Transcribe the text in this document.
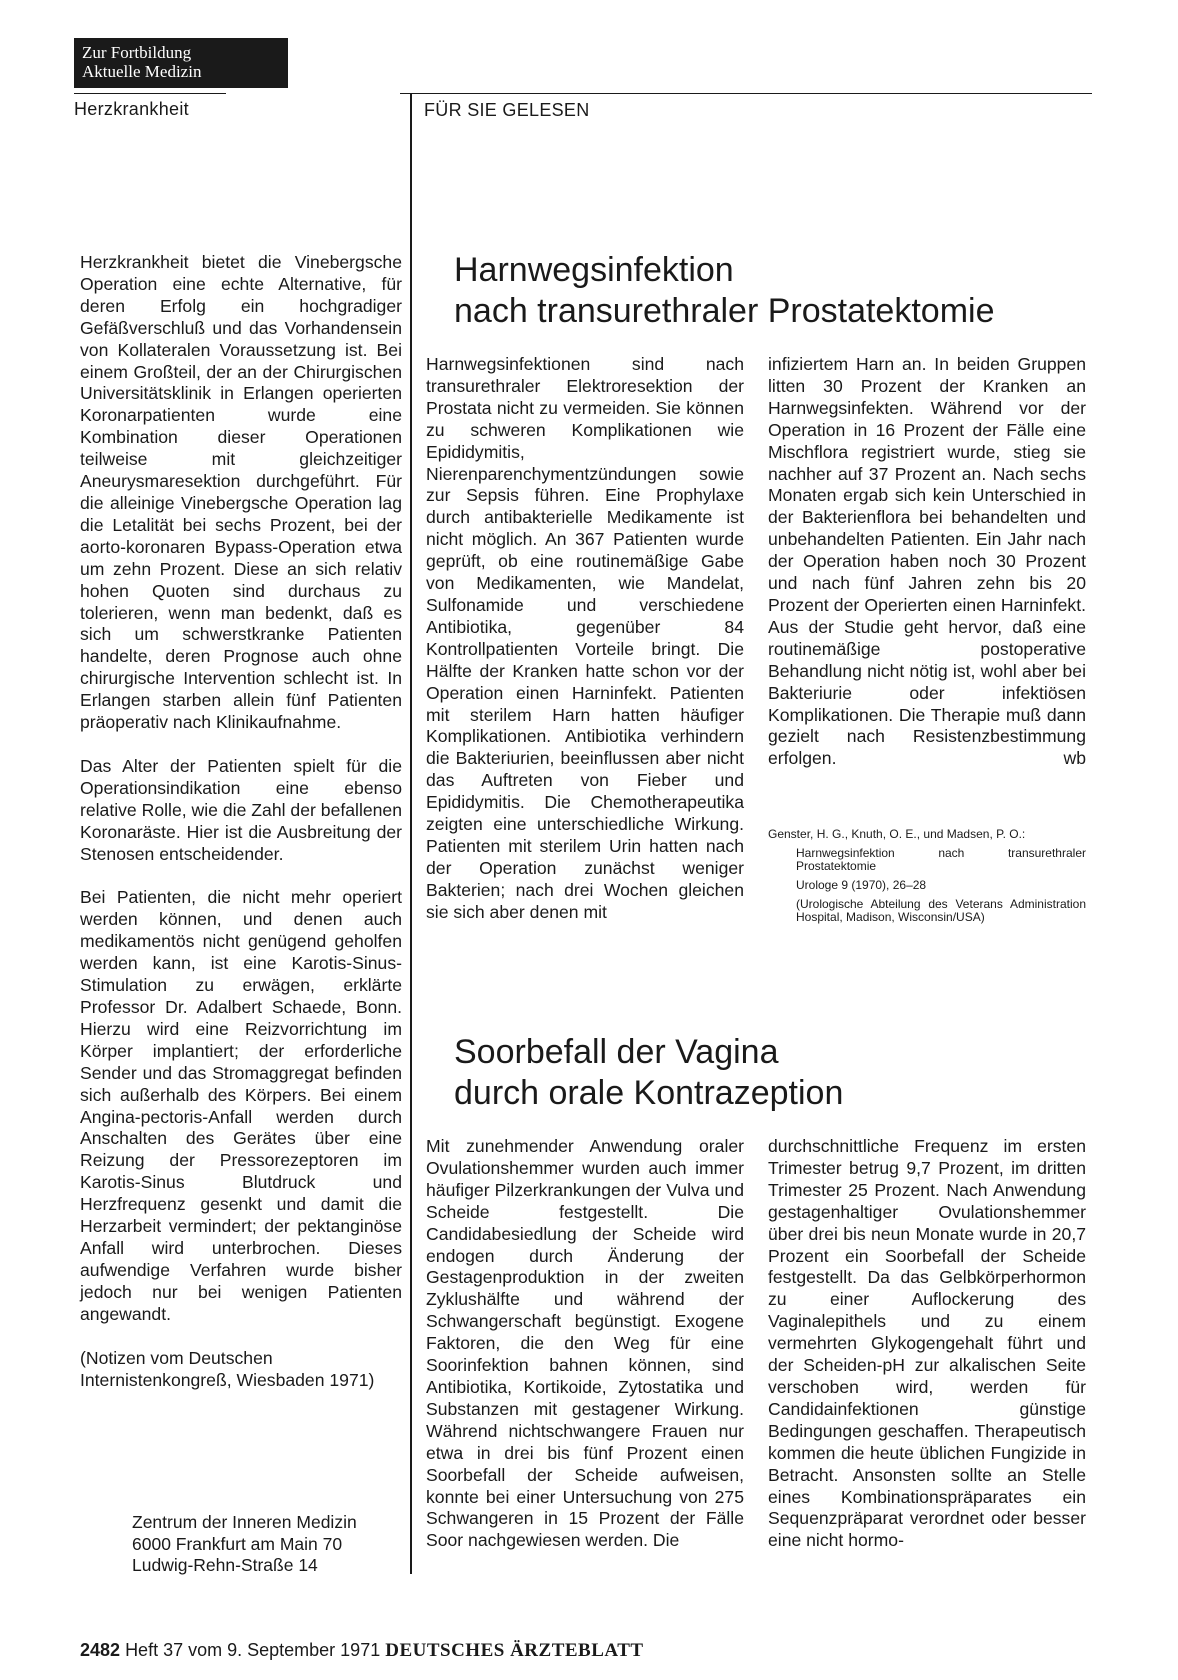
Zur Fortbildung
Aktuelle Medizin
Herzkrankheit	FÜR SIE GELESEN

Herzkrankheit bietet die Vinebergsche Operation eine echte Alternative, für deren Erfolg ein hochgradiger Gefäßverschluß und das Vorhandensein von Kollateralen Voraussetzung ist. Bei einem Großteil, der an der Chirurgischen Universitätsklinik in Erlangen operierten Koronarpatienten wurde eine Kombination dieser Operationen teilweise mit gleichzeitiger Aneurysmaresektion durchgeführt. Für die alleinige Vinebergsche Operation lag die Letalität bei sechs Prozent, bei der aorto-koronaren Bypass-Operation etwa um zehn Prozent. Diese an sich relativ hohen Quoten sind durchaus zu tolerieren, wenn man bedenkt, daß es sich um schwerstkranke Patienten handelte, deren Prognose auch ohne chirurgische Intervention schlecht ist. In Erlangen starben allein fünf Patienten präoperativ nach Klinikaufnahme.

Das Alter der Patienten spielt für die Operationsindikation eine ebenso relative Rolle, wie die Zahl der befallenen Koronaräste. Hier ist die Ausbreitung der Stenosen entscheidender.

Bei Patienten, die nicht mehr operiert werden können, und denen auch medikamentös nicht genügend geholfen werden kann, ist eine Karotis-Sinus-Stimulation zu erwägen, erklärte Professor Dr. Adalbert Schaede, Bonn. Hierzu wird eine Reizvorrichtung im Körper implantiert; der erforderliche Sender und das Stromaggregat befinden sich außerhalb des Körpers. Bei einem Angina-pectoris-Anfall werden durch Anschalten des Gerätes über eine Reizung der Pressorezeptoren im Karotis-Sinus Blutdruck und Herzfrequenz gesenkt und damit die Herzarbeit vermindert; der pektanginöse Anfall wird unterbrochen. Dieses aufwendige Verfahren wurde bisher jedoch nur bei wenigen Patienten angewandt.

(Notizen vom Deutschen Internistenkongreß, Wiesbaden 1971)

Zentrum der Inneren Medizin
6000 Frankfurt am Main 70
Ludwig-Rehn-Straße 14
Harnwegsinfektion
nach transurethraler Prostatektomie

Harnwegsinfektionen sind nach transurethraler Elektroresektion der Prostata nicht zu vermeiden. Sie können zu schweren Komplikationen wie Epididymitis, Nierenparenchymentzündungen sowie zur Sepsis führen. Eine Prophylaxe durch antibakterielle Medikamente ist nicht möglich. An 367 Patienten wurde geprüft, ob eine routinemäßige Gabe von Medikamenten, wie Mandelat, Sulfonamide und verschiedene Antibiotika, gegenüber 84 Kontrollpatienten Vorteile bringt. Die Hälfte der Kranken hatte schon vor der Operation einen Harninfekt. Patienten mit sterilem Harn hatten häufiger Komplikationen. Antibiotika verhindern die Bakteriurien, beeinflussen aber nicht das Auftreten von Fieber und Epididymitis. Die Chemotherapeutika zeigten eine unterschiedliche Wirkung. Patienten mit sterilem Urin hatten nach der Operation zunächst weniger Bakterien; nach drei Wochen gleichen sie sich aber denen mit

infiziertem Harn an. In beiden Gruppen litten 30 Prozent der Kranken an Harnwegsinfekten. Während vor der Operation in 16 Prozent der Fälle eine Mischflora registriert wurde, stieg sie nachher auf 37 Prozent an. Nach sechs Monaten ergab sich kein Unterschied in der Bakterienflora bei behandelten und unbehandelten Patienten. Ein Jahr nach der Operation haben noch 30 Prozent und nach fünf Jahren zehn bis 20 Prozent der Operierten einen Harninfekt. Aus der Studie geht hervor, daß eine routinemäßige postoperative Behandlung nicht nötig ist, wohl aber bei Bakteriurie oder infektiösen Komplikationen. Die Therapie muß dann gezielt nach Resistenzbestimmung erfolgen.	wb

Genster, H. G., Knuth, O. E., und Madsen, P. O.:

Harnwegsinfektion nach transurethraler Prostatektomie

Urologe 9 (1970), 26–28

(Urologische Abteilung des Veterans Administration Hospital, Madison, Wisconsin/USA)

Soorbefall der Vagina
durch orale Kontrazeption

Mit zunehmender Anwendung oraler Ovulationshemmer wurden auch immer häufiger Pilzerkrankungen der Vulva und Scheide festgestellt. Die Candidabesiedlung der Scheide wird endogen durch Änderung der Gestagenproduktion in der zweiten Zyklushälfte und während der Schwangerschaft begünstigt. Exogene Faktoren, die den Weg für eine Soorinfektion bahnen können, sind Antibiotika, Kortikoide, Zytostatika und Substanzen mit gestagener Wirkung. Während nichtschwangere Frauen nur etwa in drei bis fünf Prozent einen Soorbefall der Scheide aufweisen, konnte bei einer Untersuchung von 275 Schwangeren in 15 Prozent der Fälle Soor nachgewiesen werden. Die

durchschnittliche Frequenz im ersten Trimester betrug 9,7 Prozent, im dritten Trimester 25 Prozent. Nach Anwendung gestagenhaltiger Ovulationshemmer über drei bis neun Monate wurde in 20,7 Prozent ein Soorbefall der Scheide festgestellt. Da das Gelbkörperhormon zu einer Auflockerung des Vaginalepithels und zu einem vermehrten Glykogengehalt führt und der Scheiden-pH zur alkalischen Seite verschoben wird, werden für Candidainfektionen günstige Bedingungen geschaffen. Therapeutisch kommen die heute üblichen Fungizide in Betracht. Ansonsten sollte an Stelle eines Kombinationspräparates ein Sequenzpräparat verordnet oder besser eine nicht hormo-

2482 Heft 37 vom 9. September 1971 DEUTSCHES ÄRZTEBLATT
